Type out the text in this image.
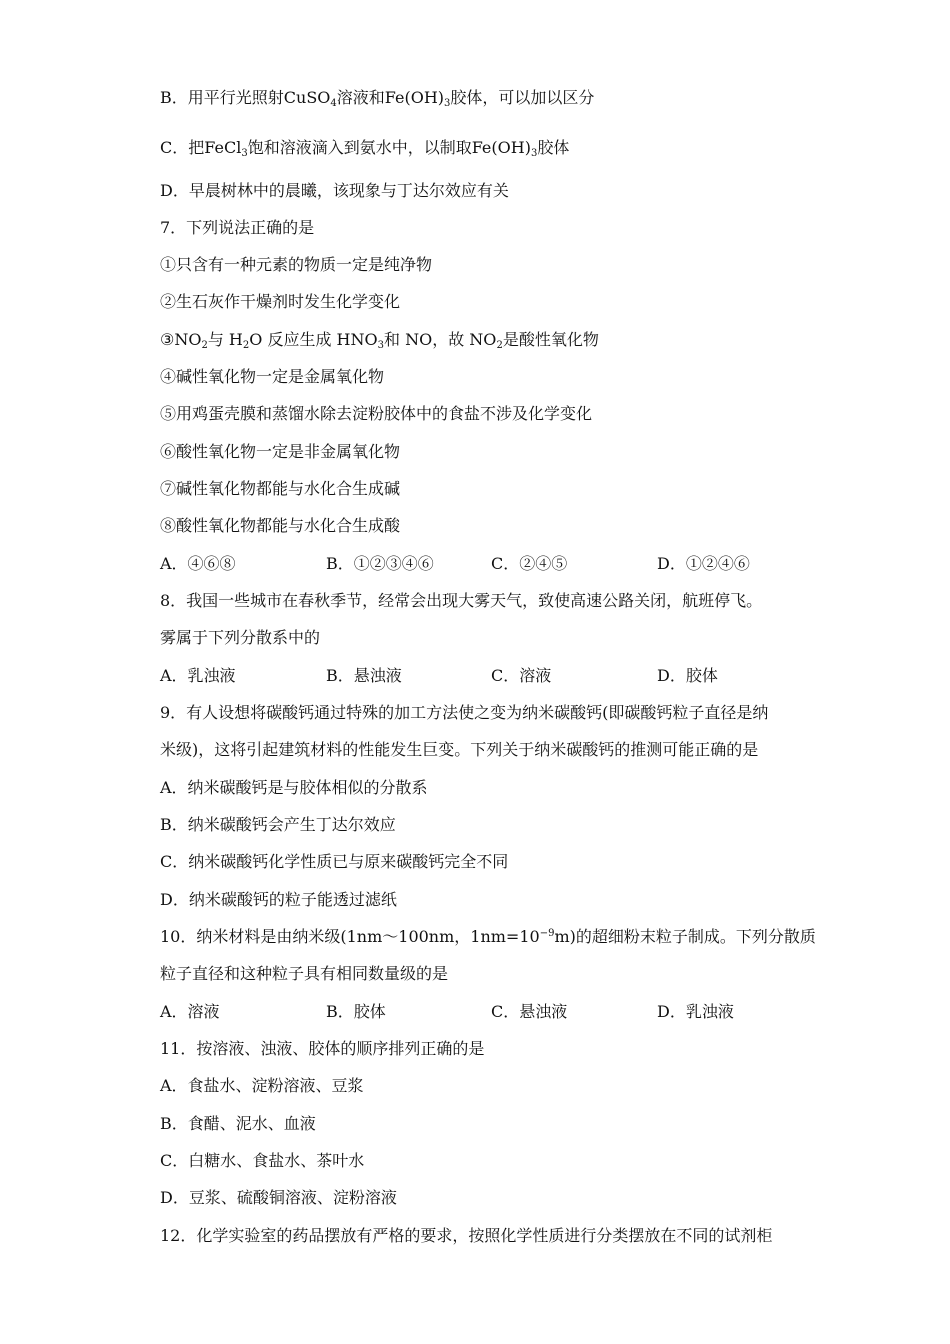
B．用平行光照射CuSO$_4$溶液和$Fe(OH)_3$胶体，可以加以区分
C．把FeCl$_3$饱和溶液滴入到氨水中，以制取$Fe(OH)_3$胶体
D．早晨树林中的晨曦，该现象与丁达尔效应有关
7．下列说法正确的是
①只含有一种元素的物质一定是纯净物
②生石灰作干燥剂时发生化学变化
$③NO_2$与 $H_2O$ 反应生成 $HNO_3$和 NO，故 $NO_2$是酸性氧化物
④碱性氧化物一定是金属氧化物
⑤用鸡蛋壳膜和蒸馏水除去淀粉胶体中的食盐不涉及化学变化
⑥酸性氧化物一定是非金属氧化物
⑦碱性氧化物都能与水化合生成碱
⑧酸性氧化物都能与水化合生成酸
A．④⑥⑧	B．①②③④⑥	C．②④⑤	D．①②④⑥
8．我国一些城市在春秋季节，经常会出现大雾天气，致使高速公路关闭，航班停飞。
雾属于下列分散系中的
A．乳浊液	B．悬浊液	C．溶液	D．胶体
9．有人设想将碳酸钙通过特殊的加工方法使之变为纳米碳酸钙(即碳酸钙粒子直径是纳
米级)，这将引起建筑材料的性能发生巨变。下列关于纳米碳酸钙的推测可能正确的是
A．纳米碳酸钙是与胶体相似的分散系
B．纳米碳酸钙会产生丁达尔效应
C．纳米碳酸钙化学性质已与原来碳酸钙完全不同
D．纳米碳酸钙的粒子能透过滤纸
10．纳米材料是由纳米级(1nm～100nm，$1nm=10^{-9}m$)的超细粉末粒子制成。下列分散质
粒子直径和这种粒子具有相同数量级的是
A．溶液	B．胶体	C．悬浊液	D．乳浊液
11．按溶液、浊液、胶体的顺序排列正确的是
A．食盐水、淀粉溶液、豆浆
B．食醋、泥水、血液
C．白糖水、食盐水、茶叶水
D．豆浆、硫酸铜溶液、淀粉溶液
12．化学实验室的药品摆放有严格的要求，按照化学性质进行分类摆放在不同的试剂柜
